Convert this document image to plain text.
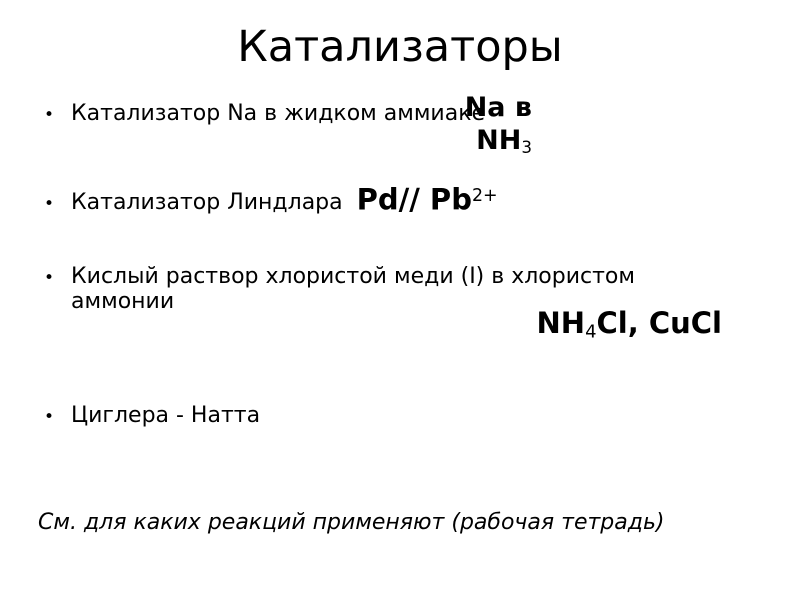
Катализаторы
• Катализатор Na в жидком аммиаке
Na в
NH3
• Катализатор Линдлара Pd// $Pb^{2+}$
• Кислый раствор хлористой меди (I) в хлористом
аммонии
NH4Cl, CuCl
• Циглера - Натта
См. для каких реакций применяют (рабочая тетрадь)
